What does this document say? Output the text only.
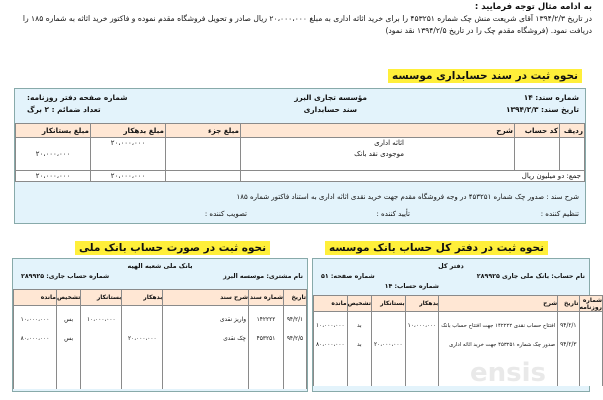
به ادامه مثال توجه فرمایید :
در تاریخ ۱۳۹۴/۲/۳ آقای شریعت منش چک شماره ۴۵۳۲۵۱ را برای خرید اثاثه اداری به مبلغ ۲۰،۰۰۰،۰۰۰ ریال صادر و تحویل فروشگاه مقدم نموده و فاکتور خرید اثاثه به شماره ۱۸۵ را دریافت نمود. (فروشگاه مقدم چک را در تاریخ ۱۳۹۴/۲/۵ نقد نمود)
نحوه ثبت در سند حسابداری موسسه
نحوه ثبت در دفتر کل حساب بانک موسسه
نحوه ثبت در صورت حساب بانک ملی
شماره سند: ۱۴
تاریخ سند: ۱۳۹۴/۲/۳
مؤسسه تجاری البرز
سند حسابداری
شماره صفحه دفتر روزنامه:
تعداد ضمائم : ۲ برگ
ردیف	کد حساب	شرح	مبلغ جزء	مبلغ بدهکار	مبلغ بستانکار
		اثاثه اداری		۲۰،۰۰۰،۰۰۰	
		موجودی نقد بانک			۲۰،۰۰۰،۰۰۰

جمع: دو میلیون ریال				۲۰،۰۰۰،۰۰۰	۲۰،۰۰۰،۰۰۰
شرح سند : صدور چک شماره ۴۵۳۲۵۱ در وجه فروشگاه مقدم جهت خرید نقدی اثاثه اداری به استناد فاکتور شماره ۱۸۵
تنظیم کننده :
تأیید کننده :
تصویب کننده :
دفتر کل
نام حساب: بانک ملی جاری ۲۸۹۹۲۵
شماره صفحه: ۵۱
شماره حساب: ۱۴
شماره روزنامه	تاریخ	شرح	بدهکار	بستانکار	تشخیص	مانده

	۹۴/۲/۱	افتتاح حساب نقدی ۱۴۲۲۲۲ جهت افتتاح حساب بانک	۱۰،۰۰۰،۰۰۰		بد	۱۰،۰۰۰،۰۰۰

	۹۴/۲/۳	صدور چک شماره ۴۵۳۲۵۱ جهت خرید اثاثه اداری		۲۰،۰۰۰،۰۰۰	بد	۸۰،۰۰۰،۰۰۰

بانک ملی شعبه الهیه
نام مشتری: موسسه البرز
شماره حساب جاری: ۲۸۹۹۲۵
تاریخ	شماره سند	شرح سند	بدهکار	بستانکار	تشخیص	مانده

۹۴/۲/۱	۱۴۲۲۲۲	واریز نقدی		۱۰،۰۰۰،۰۰۰	بس	۱۰،۰۰۰،۰۰۰

۹۴/۲/۵	۴۵۳۲۵۱	چک نقدی	۲۰،۰۰۰،۰۰۰		بس	۸۰،۰۰۰،۰۰۰

ensis
